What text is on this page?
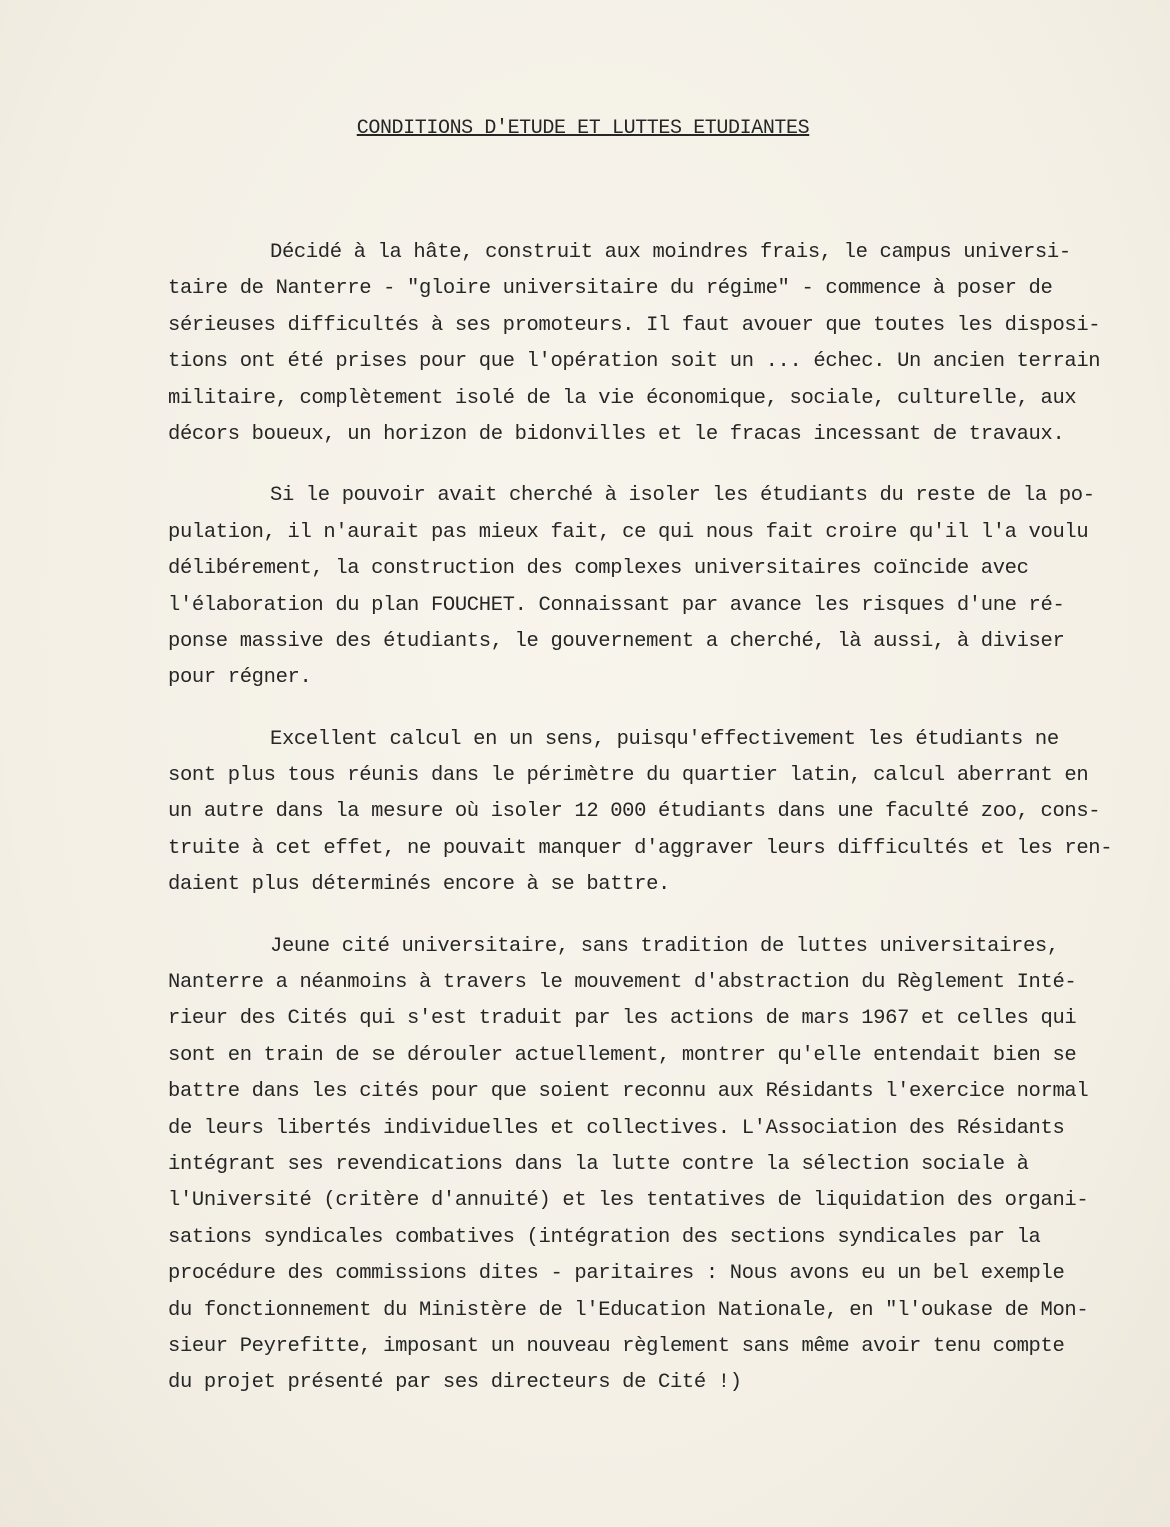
CONDITIONS D'ETUDE ET LUTTES ETUDIANTES
Décidé à la hâte, construit aux moindres frais, le campus universi-
taire de Nanterre - "gloire universitaire du régime" - commence à poser de
sérieuses difficultés à ses promoteurs. Il faut avouer que toutes les disposi-
tions ont été prises pour que l'opération soit un ... échec. Un ancien terrain
militaire, complètement isolé de la vie économique, sociale, culturelle, aux
décors boueux, un horizon de bidonvilles et le fracas incessant de travaux.
Si le pouvoir avait cherché à isoler les étudiants du reste de la po-
pulation, il n'aurait pas mieux fait, ce qui nous fait croire qu'il l'a voulu
délibérement, la construction des complexes universitaires coïncide avec
l'élaboration du plan FOUCHET. Connaissant par avance les risques d'une ré-
ponse massive des étudiants, le gouvernement a cherché, là aussi, à diviser
pour régner.
Excellent calcul en un sens, puisqu'effectivement les étudiants ne
sont plus tous réunis dans le périmètre du quartier latin, calcul aberrant en
un autre dans la mesure où isoler 12 000 étudiants dans une faculté zoo, cons-
truite à cet effet, ne pouvait manquer d'aggraver leurs difficultés et les ren-
daient plus déterminés encore à se battre.
Jeune cité universitaire, sans tradition de luttes universitaires,
Nanterre a néanmoins à travers le mouvement d'abstraction du Règlement Inté-
rieur des Cités qui s'est traduit par les actions de mars 1967 et celles qui
sont en train de se dérouler actuellement, montrer qu'elle entendait bien se
battre dans les cités pour que soient reconnu aux Résidants l'exercice normal
de leurs libertés individuelles et collectives. L'Association des Résidants
intégrant ses revendications dans la lutte contre la sélection sociale à
l'Université (critère d'annuité) et les tentatives de liquidation des organi-
sations syndicales combatives (intégration des sections syndicales par la
procédure des commissions dites - paritaires : Nous avons eu un bel exemple
du fonctionnement du Ministère de l'Education Nationale, en "l'oukase de Mon-
sieur Peyrefitte, imposant un nouveau règlement sans même avoir tenu compte
du projet présenté par ses directeurs de Cité !)
